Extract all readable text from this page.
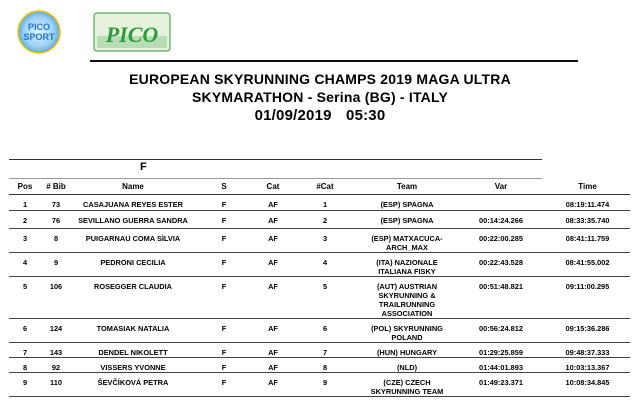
PICO
SPORT PICO
EUROPEAN SKYRUNNING CHAMPS 2019 MAGA ULTRA
SKYMARATHON - Serina (BG) - ITALY
01/09/2019 05:30
F
Pos	# Bib	Name	S	Cat	#Cat	Team	Var	Time
1	73	CASAJUANA REYES ESTER	F	AF	1	(ESP) SPAGNA		08:19:11.474
2	76	SEVILLANO GUERRA SANDRA	F	AF	2	(ESP) SPAGNA	00:14:24.266	08:33:35.740
3	8	PUIGARNAU COMA SÌLVIA	F	AF	3	(ESP) MATXACUCA-ARCH_MAX	00:22:00.285	08:41:11.759
4	9	PEDRONI CECILIA	F	AF	4	(ITA) NAZIONALE ITALIANA FISKY	00:22:43.528	08:41:55.002
5	106	ROSEGGER CLAUDIA	F	AF	5	(AUT) AUSTRIAN SKYRUNNING & TRAILRUNNING ASSOCIATION	00:51:48.821	09:11:00.295
6	124	TOMASIAK NATALIA	F	AF	6	(POL) SKYRUNNING POLAND	00:56:24.812	09:15:36.286
7	143	DENDEL NIKOLETT	F	AF	7	(HUN) HUNGARY	01:29:25.859	09:48:37.333
8	92	VISSERS YVONNE	F	AF	8	(NLD)	01:44:01.893	10:03:13.367
9	110	ŠEVČÍKOVÁ PETRA	F	AF	9	(CZE) CZECH SKYRUNNING TEAM	01:49:23.371	10:08:34.845
